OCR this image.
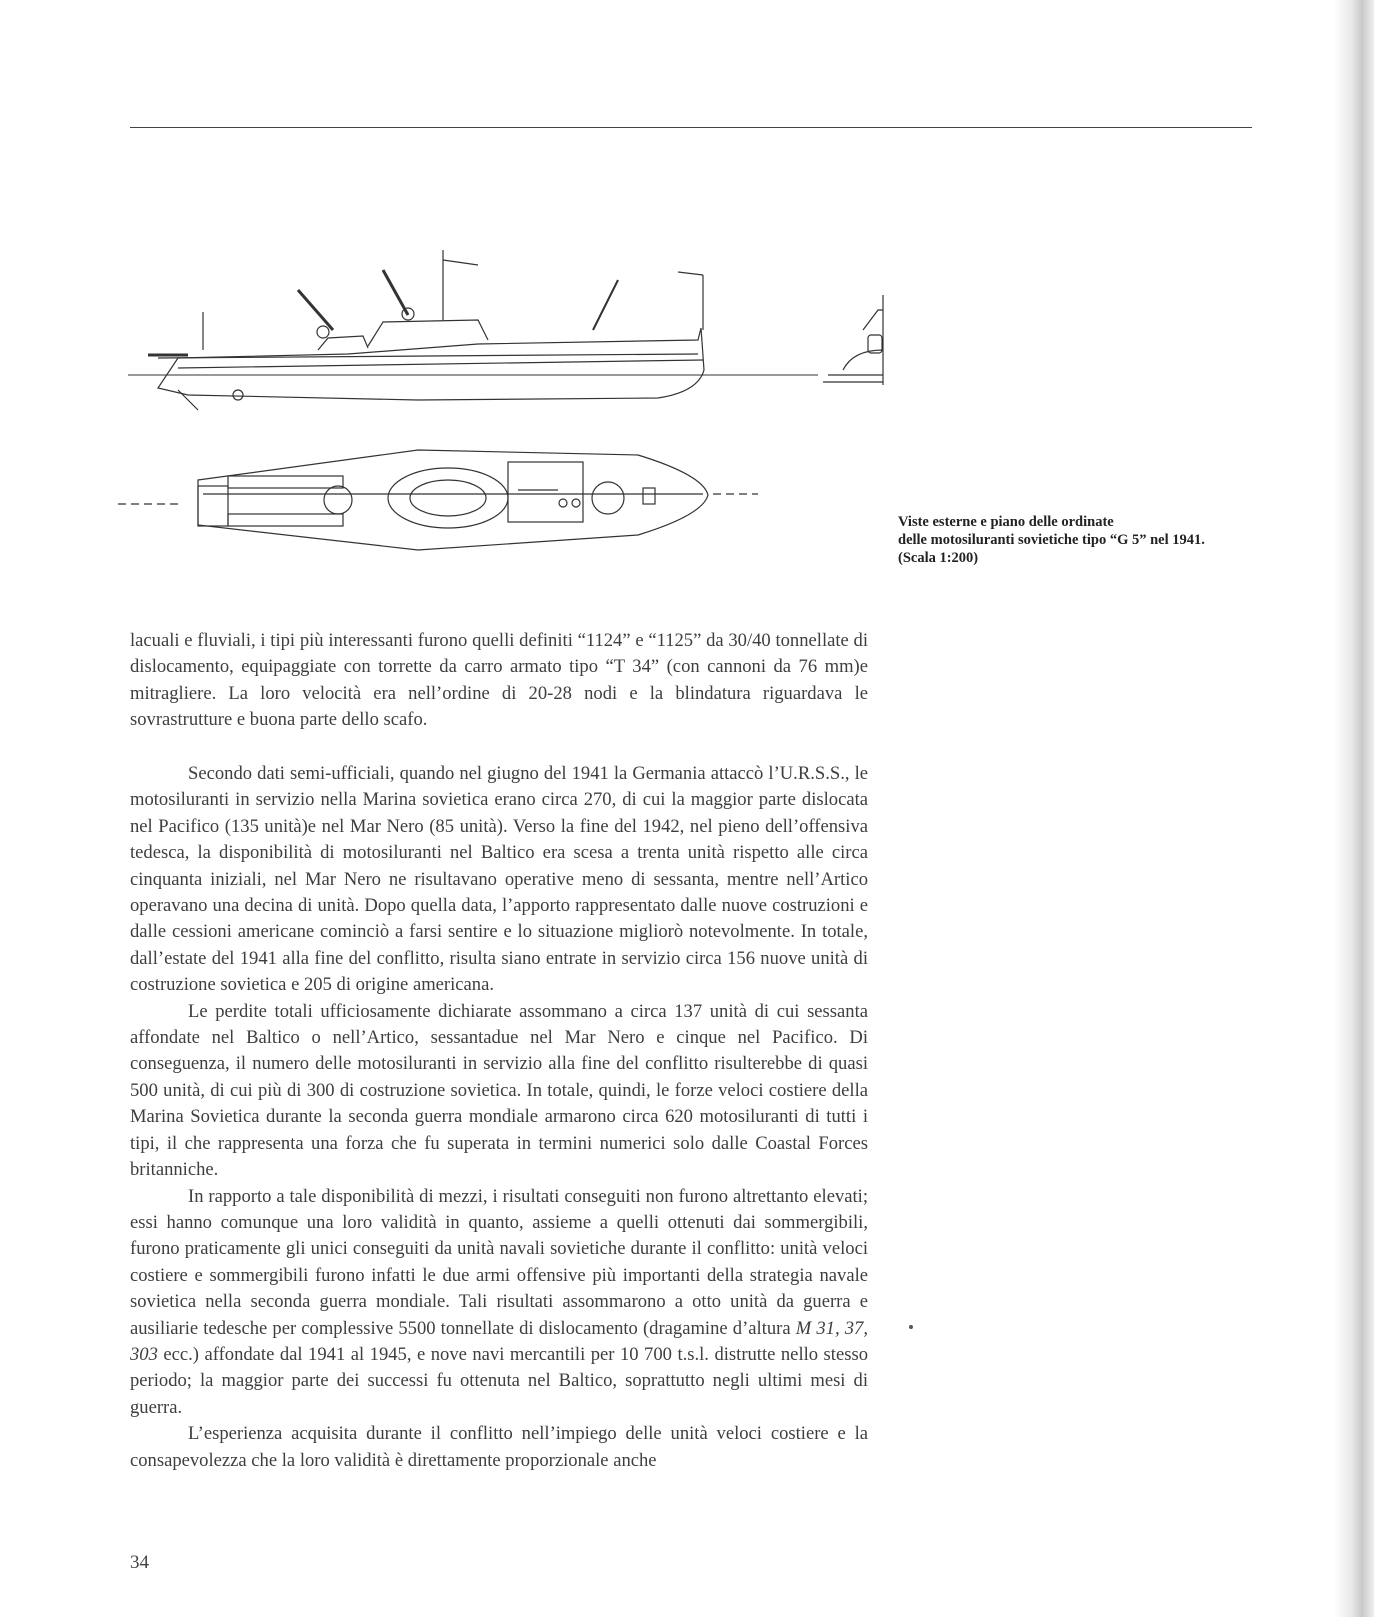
Viste esterne e piano delle ordinate
delle motosiluranti sovietiche tipo “G 5” nel 1941.
(Scala 1:200)

lacuali e fluviali, i tipi più interessanti furono quelli definiti “1124” e “1125” da 30/40 tonnellate di dislocamento, equipaggiate con torrette da carro armato tipo “T 34” (con cannoni da 76 mm)e mitragliere. La loro velocità era nell’ordine di 20-28 nodi e la blindatura riguardava le sovrastrutture e buona parte dello scafo.

Secondo dati semi-ufficiali, quando nel giugno del 1941 la Germania attaccò l’U.R.S.S., le motosiluranti in servizio nella Marina sovietica erano circa 270, di cui la maggior parte dislocata nel Pacifico (135 unità)e nel Mar Nero (85 unità). Verso la fine del 1942, nel pieno dell’offensiva tedesca, la disponibilità di motosiluranti nel Baltico era scesa a trenta unità rispetto alle circa cinquanta iniziali, nel Mar Nero ne risultavano operative meno di sessanta, mentre nell’Artico operavano una decina di unità. Dopo quella data, l’apporto rappresentato dalle nuove costruzioni e dalle cessioni americane cominciò a farsi sentire e lo situazione migliorò notevolmente. In totale, dall’estate del 1941 alla fine del conflitto, risulta siano entrate in servizio circa 156 nuove unità di costruzione sovietica e 205 di origine americana.

Le perdite totali ufficiosamente dichiarate assommano a circa 137 unità di cui sessanta affondate nel Baltico o nell’Artico, sessantadue nel Mar Nero e cinque nel Pacifico. Di conseguenza, il numero delle motosiluranti in servizio alla fine del conflitto risulterebbe di quasi 500 unità, di cui più di 300 di costruzione sovietica. In totale, quindi, le forze veloci costiere della Marina Sovietica durante la seconda guerra mondiale armarono circa 620 motosiluranti di tutti i tipi, il che rappresenta una forza che fu superata in termini numerici solo dalle Coastal Forces britanniche.

In rapporto a tale disponibilità di mezzi, i risultati conseguiti non furono altrettanto elevati; essi hanno comunque una loro validità in quanto, assieme a quelli ottenuti dai sommergibili, furono praticamente gli unici conseguiti da unità navali sovietiche durante il conflitto: unità veloci costiere e sommergibili furono infatti le due armi offensive più importanti della strategia navale sovietica nella seconda guerra mondiale. Tali risultati assommarono a otto unità da guerra e ausiliarie tedesche per complessive 5500 tonnellate di dislocamento (dragamine d’altura M 31, 37, 303 ecc.) affondate dal 1941 al 1945, e nove navi mercantili per 10 700 t.s.l. distrutte nello stesso periodo; la maggior parte dei successi fu ottenuta nel Baltico, soprattutto negli ultimi mesi di guerra.

L’esperienza acquisita durante il conflitto nell’impiego delle unità veloci costiere e la consapevolezza che la loro validità è direttamente proporzionale anche

34
